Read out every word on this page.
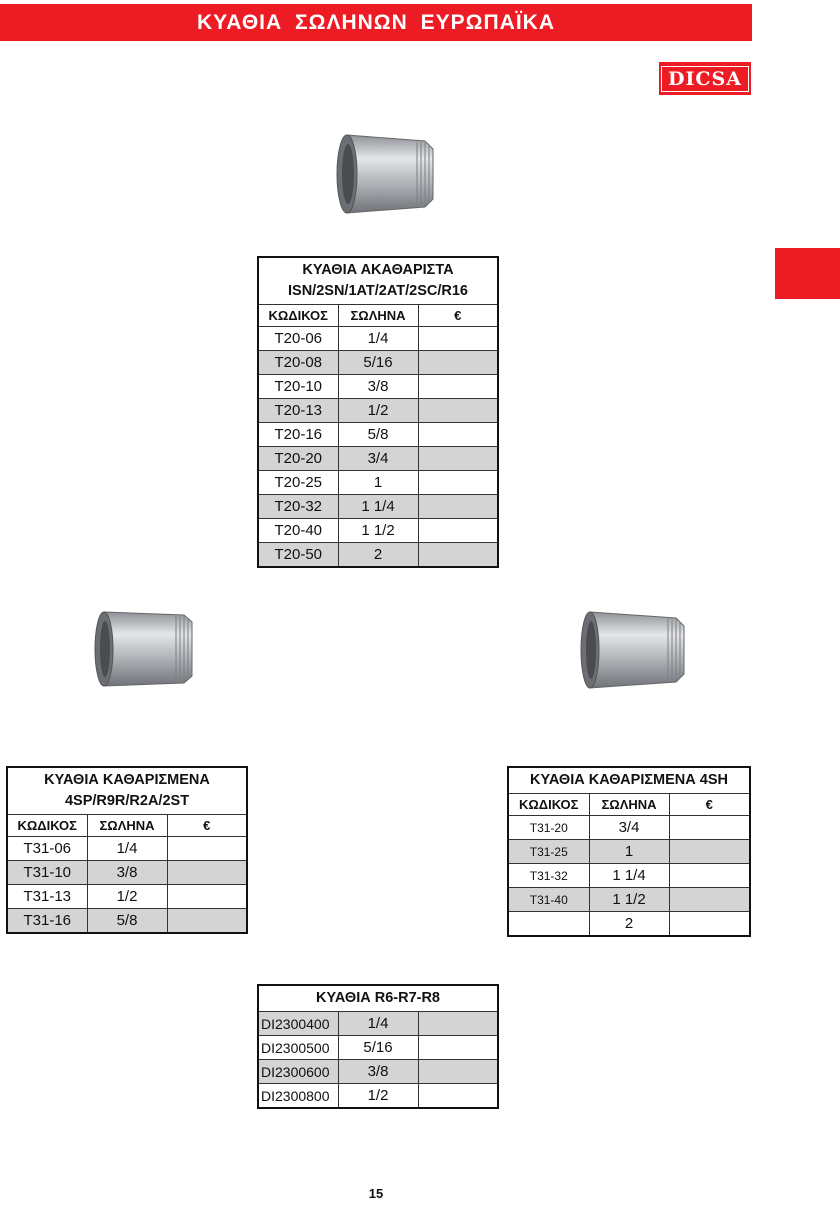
ΚΥΑΘΙΑ ΣΩΛΗΝΩΝ ΕΥΡΩΠΑΪΚΑ
DICSA
ΚΥΑΘΙΑ ΑΚΑΘΑΡΙΣΤΑ
ISN/2SN/1AT/2AT/2SC/R16		

ΚΩΔΙΚΟΣ	ΣΩΛΗΝΑ	€
T20-06	1/4	
T20-08	5/16	
T20-10	3/8	
T20-13	1/2	
T20-16	5/8	
T20-20	3/4	
T20-25	1	
T20-32	1 1/4	
T20-40	1 1/2	
T20-50	2	
ΚΥΑΘΙΑ ΚΑΘΑΡΙΣΜΕΝΑ
4SP/R9R/R2A/2ST		

ΚΩΔΙΚΟΣ	ΣΩΛΗΝΑ	€
T31-06	1/4	
T31-10	3/8	
T31-13	1/2	
T31-16	5/8	
ΚΥΑΘΙΑ ΚΑΘΑΡΙΣΜΕΝΑ 4SH		
ΚΩΔΙΚΟΣ	ΣΩΛΗΝΑ	€
T31-20	3/4	
T31-25	1	
T31-32	1 1/4	
T31-40	1 1/2	
	2	
ΚΥΑΘΙΑ R6-R7-R8		
DI2300400	1/4	
DI2300500	5/16	
DI2300600	3/8	
DI2300800	1/2	
15
